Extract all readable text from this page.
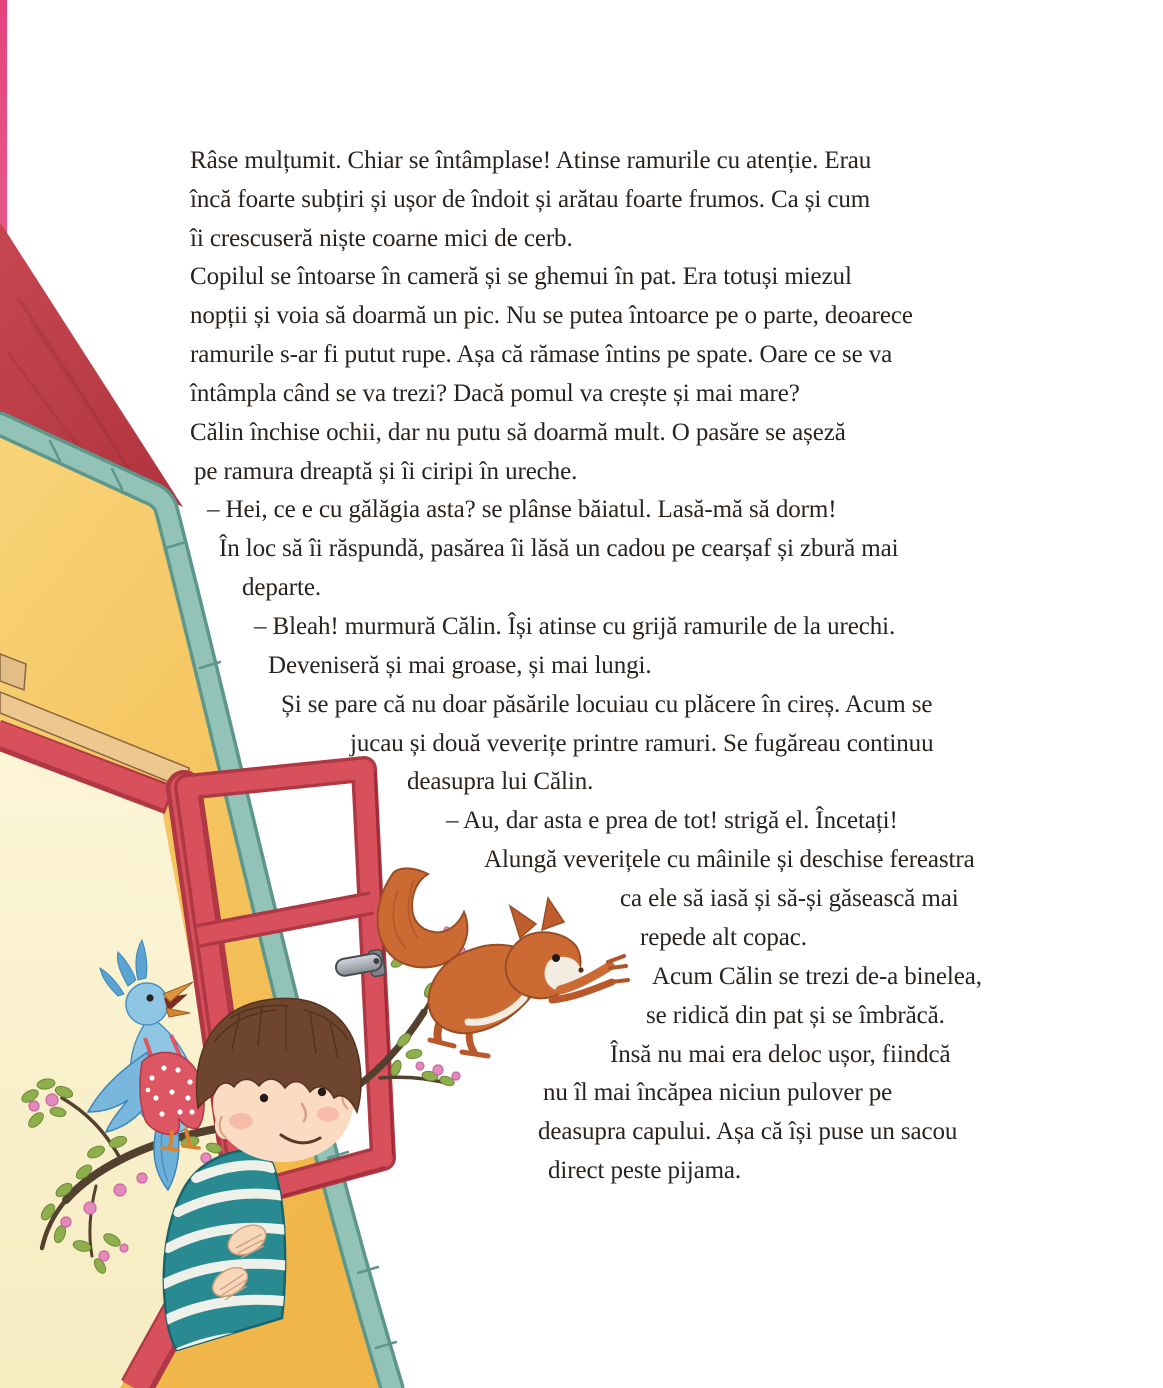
Râse mulțumit. Chiar se întâmplase! Atinse ramurile cu atenție. Erau
încă foarte subțiri și ușor de îndoit și arătau foarte frumos. Ca și cum
îi crescuseră niște coarne mici de cerb.
Copilul se întoarse în cameră și se ghemui în pat. Era totuși miezul
nopții și voia să doarmă un pic. Nu se putea întoarce pe o parte, deoarece
ramurile s-ar fi putut rupe. Așa că rămase întins pe spate. Oare ce se va
întâmpla când se va trezi? Dacă pomul va crește și mai mare?
Călin închise ochii, dar nu putu să doarmă mult. O pasăre se așeză
pe ramura dreaptă și îi ciripi în ureche.
– Hei, ce e cu gălăgia asta? se plânse băiatul. Lasă-mă să dorm!
În loc să îi răspundă, pasărea îi lăsă un cadou pe cearșaf și zbură mai
departe.
– Bleah! murmură Călin. Își atinse cu grijă ramurile de la urechi.
Deveniseră și mai groase, și mai lungi.
Și se pare că nu doar păsările locuiau cu plăcere în cireș. Acum se
jucau și două veverițe printre ramuri. Se fugăreau continuu
deasupra lui Călin.
– Au, dar asta e prea de tot! strigă el. Încetați!
Alungă veverițele cu mâinile și deschise fereastra
ca ele să iasă și să-și găsească mai
repede alt copac.
Acum Călin se trezi de-a binelea,
se ridică din pat și se îmbrăcă.
Însă nu mai era deloc ușor, fiindcă
nu îl mai încăpea niciun pulover pe
deasupra capului. Așa că își puse un sacou
direct peste pijama.
